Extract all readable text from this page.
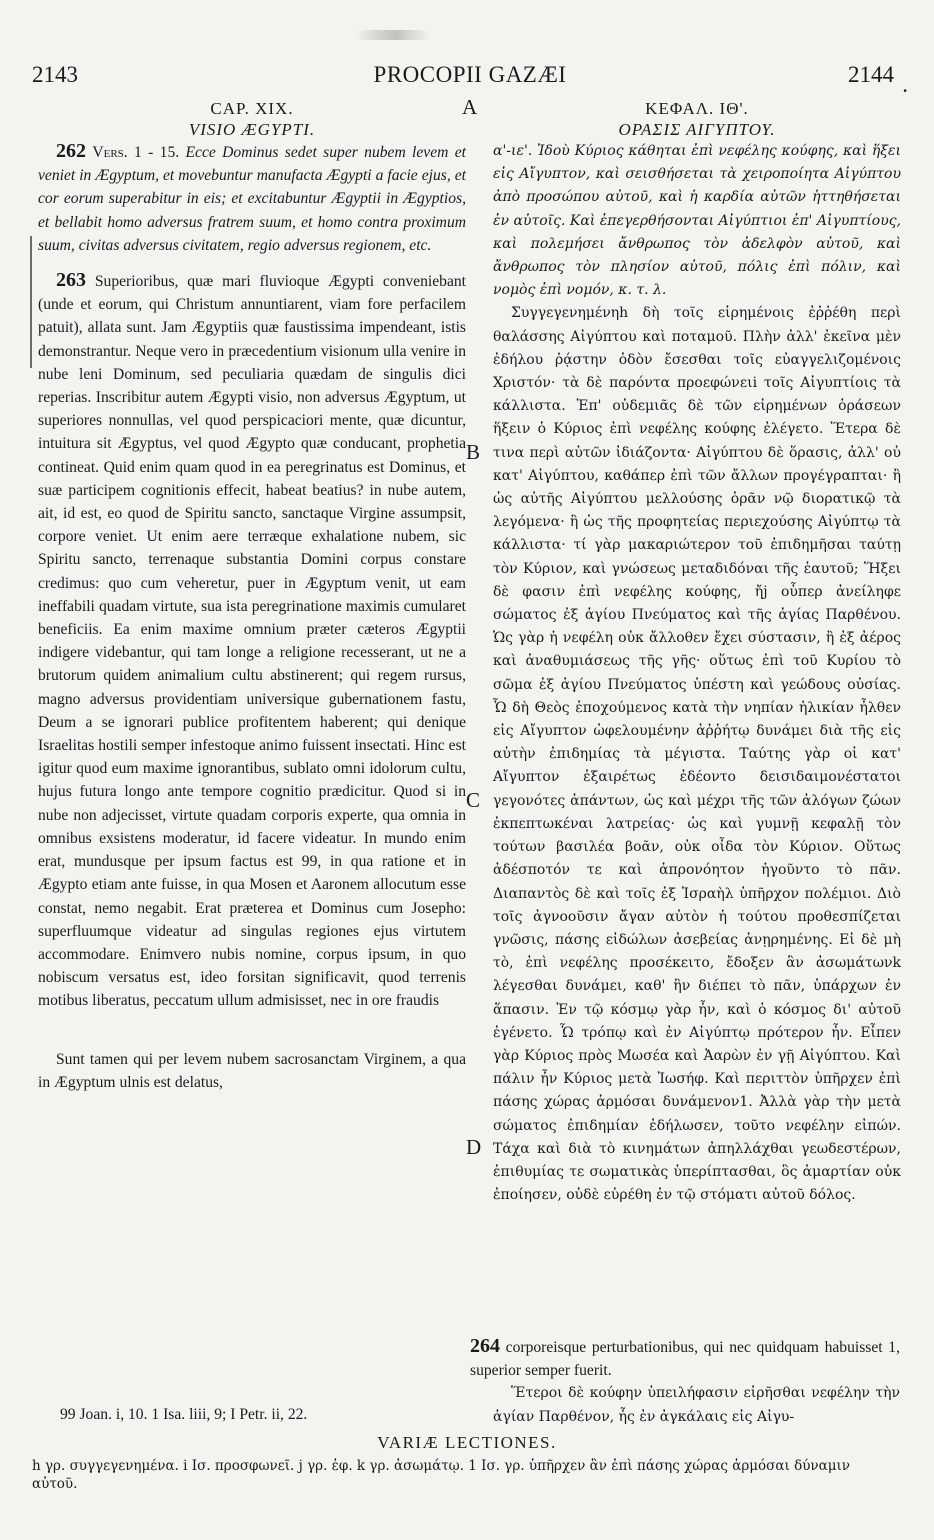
2143	PROCOPII GAZÆI	2144 .
A
B
C
D
CAP. XIX.
VISIO ÆGYPTI.

262 Vers. 1 - 15. Ecce Dominus sedet super nubem levem et veniet in Ægyptum, et movebuntur manufacta Ægypti a facie ejus, et cor eorum superabitur in eis; et excitabuntur Ægyptii in Ægyptios, et bellabit homo adversus fratrem suum, et homo contra proximum suum, civitas adversus civitatem, regio adversus regionem, etc.

263 Superioribus, quæ mari fluvioque Ægypti conveniebant (unde et eorum, qui Christum annuntiarent, viam fore perfacilem patuit), allata sunt. Jam Ægyptiis quæ faustissima impendeant, istis demonstrantur. Neque vero in præcedentium visionum ulla venire in nube leni Dominum, sed peculiaria quædam de singulis dici reperias. Inscribitur autem Ægypti visio, non adversus Ægyptum, ut superiores nonnullas, vel quod perspicaciori mente, quæ dicuntur, intuitura sit Ægyptus, vel quod Ægypto quæ conducant, prophetia contineat. Quid enim quam quod in ea peregrinatus est Dominus, et suæ participem cognitionis effecit, habeat beatius? in nube autem, ait, id est, eo quod de Spiritu sancto, sanctaque Virgine assumpsit, corpore veniet. Ut enim aere terræque exhalatione nubem, sic Spiritu sancto, terrenaque substantia Domini corpus constare credimus: quo cum veheretur, puer in Ægyptum venit, ut eam ineffabili quadam virtute, sua ista peregrinatione maximis cumularet beneficiis. Ea enim maxime omnium præter cæteros Ægyptii indigere videbantur, qui tam longe a religione recesserant, ut ne a brutorum quidem animalium cultu abstinerent; qui regem rursus, magno adversus providentiam universique gubernationem fastu, Deum a se ignorari publice profitentem haberent; qui denique Israelitas hostili semper infestoque animo fuissent insectati. Hinc est igitur quod eum maxime ignorantibus, sublato omni idolorum cultu, hujus futura longo ante tempore cognitio prædicitur. Quod si in nube non adjecisset, virtute quadam corporis experte, qua omnia in omnibus exsistens moderatur, id facere videatur. In mundo enim erat, mundusque per ipsum factus est 99, in qua ratione et in Ægypto etiam ante fuisse, in qua Mosen et Aaronem allocutum esse constat, nemo negabit. Erat præterea et Dominus cum Josepho: superfluumque videatur ad singulas regiones ejus virtutem accommodare. Enimvero nubis nomine, corpus ipsum, in quo nobiscum versatus est, ideo forsitan significavit, quod terrenis motibus liberatus, peccatum ullum admisisset, nec in ore fraudis

Sunt tamen qui per levem nubem sacrosanctam Virginem, a qua in Ægyptum ulnis est delatus,

ΚΕΦΑΛ. ΙΘ'.
ΟΡΑΣΙΣ ΑΙΓΥΠΤΟΥ.

α'-ιε'. Ἰδοὺ Κύριος κάθηται ἐπὶ νεφέλης κούφης, καὶ ἥξει εἰς Αἴγυπτον, καὶ σεισθήσεται τὰ χειροποίητα Αἰγύπτου ἀπὸ προσώπου αὐτοῦ, καὶ ἡ καρδία αὐτῶν ἡττηθήσεται ἐν αὐτοῖς. Καὶ ἐπεγερθήσονται Αἰγύπτιοι ἐπ' Αἰγυπτίους, καὶ πολεμήσει ἄνθρωπος τὸν ἀδελφὸν αὐτοῦ, καὶ ἄνθρωπος τὸν πλησίον αὐτοῦ, πόλις ἐπὶ πόλιν, καὶ νομὸς ἐπὶ νομόν, κ. τ. λ.

Συγγεγενημένηh δὴ τοῖς εἰρημένοις ἐῤῥέθη περὶ θαλάσσης Αἰγύπτου καὶ ποταμοῦ. Πλὴν ἀλλ' ἐκεῖνα μὲν ἐδήλου ῥᾴστην ὁδὸν ἔσεσθαι τοῖς εὐαγγελιζομένοις Χριστόν· τὰ δὲ παρόντα προεφώνειi τοῖς Αἰγυπτίοις τὰ κάλλιστα. Ἐπ' οὐδεμιᾶς δὲ τῶν εἰρημένων ὁράσεων ἥξειν ὁ Κύριος ἐπὶ νεφέλης κούφης ἐλέγετο. Ἕτερα δὲ τινα περὶ αὐτῶν ἰδιάζοντα· Αἰγύπτου δὲ ὅρασις, ἀλλ' οὐ κατ' Αἰγύπτου, καθάπερ ἐπὶ τῶν ἄλλων προγέγραπται· ἢ ὡς αὐτῆς Αἰγύπτου μελλούσης ὁρᾶν νῷ διορατικῷ τὰ λεγόμενα· ἢ ὡς τῆς προφητείας περιεχούσης Αἰγύπτῳ τὰ κάλλιστα· τί γὰρ μακαριώτερον τοῦ ἐπιδημῆσαι ταύτῃ τὸν Κύριον, καὶ γνώσεως μεταδιδόναι τῆς ἑαυτοῦ; Ἥξει δὲ φασιν ἐπὶ νεφέλης κούφης, ἤj οὗπερ ἀνείληφε σώματος ἐξ ἁγίου Πνεύματος καὶ τῆς ἁγίας Παρθένου. Ὡς γὰρ ἡ νεφέλη οὐκ ἄλλοθεν ἔχει σύστασιν, ἢ ἐξ ἀέρος καὶ ἀναθυμιάσεως τῆς γῆς· οὕτως ἐπὶ τοῦ Κυρίου τὸ σῶμα ἐξ ἁγίου Πνεύματος ὑπέστη καὶ γεώδους οὐσίας. Ὧ δὴ Θεὸς ἐποχούμενος κατὰ τὴν νηπίαν ἡλικίαν ἦλθεν εἰς Αἴγυπτον ὠφελουμένην ἀῤῥήτῳ δυνάμει διὰ τῆς εἰς αὐτὴν ἐπιδημίας τὰ μέγιστα. Ταύτης γὰρ οἱ κατ' Αἴγυπτον ἐξαιρέτως ἐδέοντο δεισιδαιμονέστατοι γεγονότες ἁπάντων, ὡς καὶ μέχρι τῆς τῶν ἀλόγων ζώων ἐκπεπτωκέναι λατρείας· ὡς καὶ γυμνῇ κεφαλῇ τὸν τούτων βασιλέα βοᾶν, οὐκ οἶδα τὸν Κύριον. Οὕτως ἀδέσποτόν τε καὶ ἀπρονόητον ἡγοῦντο τὸ πᾶν. Διαπαντὸς δὲ καὶ τοῖς ἐξ Ἰσραὴλ ὑπῆρχον πολέμιοι. Διὸ τοῖς ἀγνοοῦσιν ἄγαν αὐτὸν ἡ τούτου προθεσπίζεται γνῶσις, πάσης εἰδώλων ἀσεβείας ἀνῃρημένης. Εἰ δὲ μὴ τὸ, ἐπὶ νεφέλης προσέκειτο, ἔδοξεν ἂν ἀσωμάτωνk λέγεσθαι δυνάμει, καθ' ἣν διέπει τὸ πᾶν, ὑπάρχων ἐν ἅπασιν. Ἐν τῷ κόσμῳ γὰρ ἦν, καὶ ὁ κόσμος δι' αὐτοῦ ἐγένετο. Ὧ τρόπῳ καὶ ἐν Αἰγύπτῳ πρότερον ἦν. Εἶπεν γὰρ Κύριος πρὸς Μωσέα καὶ Ἀαρὼν ἐν γῇ Αἰγύπτου. Καὶ πάλιν ἦν Κύριος μετὰ Ἰωσήφ. Καὶ περιττὸν ὑπῆρχεν ἐπὶ πάσης χώρας ἁρμόσαι δυνάμενον1. Ἀλλὰ γὰρ τὴν μετὰ σώματος ἐπιδημίαν ἐδήλωσεν, τοῦτο νεφέλην εἰπών. Τάχα καὶ διὰ τὸ κινημάτων ἀπηλλάχθαι γεωδεστέρων, ἐπιθυμίας τε σωματικὰς ὑπερίπτασθαι, ὃς ἁμαρτίαν οὐκ ἐποίησεν, οὐδὲ εὑρέθη ἐν τῷ στόματι αὐτοῦ δόλος.

264 corporeisque perturbationibus, qui nec quidquam habuisset 1, superior semper fuerit.

Ἕτεροι δὲ κούφην ὑπειλήφασιν εἰρῆσθαι νεφέλην τὴν ἁγίαν Παρθένον, ἧς ἐν ἀγκάλαις εἰς Αἰγυ-

99 Joan. i, 10. 1 Isa. liii, 9; I Petr. ii, 22.
VARIÆ LECTIONES.
h γρ. συγγεγενημένα. i Ισ. προσφωνεῖ. j γρ. ἐφ. k γρ. ἀσωμάτῳ. 1 Ισ. γρ. ὑπῆρχεν ἂν ἐπὶ πάσης χώρας ἁρμόσαι δύναμιν αὐτοῦ.
